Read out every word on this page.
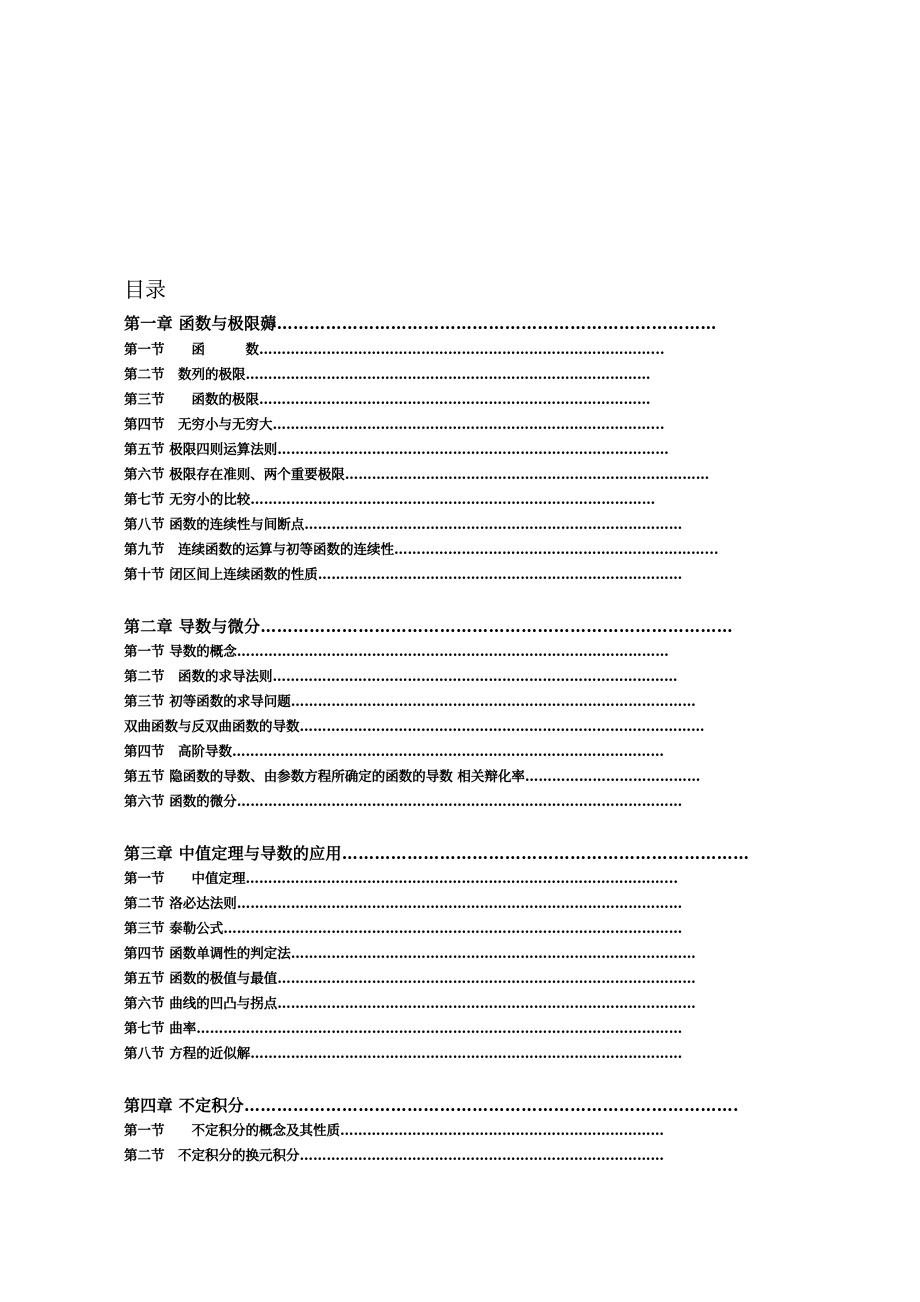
目录
第一章 函数与极限薅………………………………………………………………………
第一节　　函　　　数……………………………………………………………………………...
第二节　数列的极限………………………………………………………………………………
第三节　　函数的极限……………………………………………………………………………
第四节　无穷小与无穷大…………………………………………………………………………...
第五节 极限四则运算法则……………………………………………………………………………
第六节 极限存在准则、两个重要极限………………………………………………………………………
第七节 无穷小的比较………………………………………………………………………………
第八节 函数的连续性与间断点…………………………………………………………………………
第九节　连续函数的运算与初等函数的连续性……………………………………………………………...
第十节 闭区间上连续函数的性质………………………………………………………………………
第二章 导数与微分……………………………………………………………………………
第一节 导数的概念……………………………………………………………………………………
第二节　函数的求导法则………………………………………………………………………………
第三节 初等函数的求导问题………………………………………………………………………………
双曲函数与反双曲函数的导数………………………………………………………………………………
第四节　高阶导数……………………………………………………………………………………
第五节 隐函数的导数、由参数方程所确定的函数的导数 相关辩化率…………………………………
第六节 函数的微分………………………………………………………………………………………
第三章 中值定理与导数的应用…………………………………………………………………
第一节　　中值定理…………………………………………………………………………………...
第二节 洛必达法则………………………………………………………………………………………
第三节 泰勒公式…………………………………………………………………………………………
第四节 函数单调性的判定法………………………………………………………………………………
第五节 函数的极值与最值…………………………………………………………………………………
第六节 曲线的凹凸与拐点…………………………………………………………………………………
第七节 曲率………………………………………………………………………………………………
第八节 方程的近似解……………………………………………………………………………………
第四章 不定积分……………………………………………………………………………….
第一节　　不定积分的概念及其性质………………………………………………………………
第二节　不定积分的换元积分………………………………………………………………………
